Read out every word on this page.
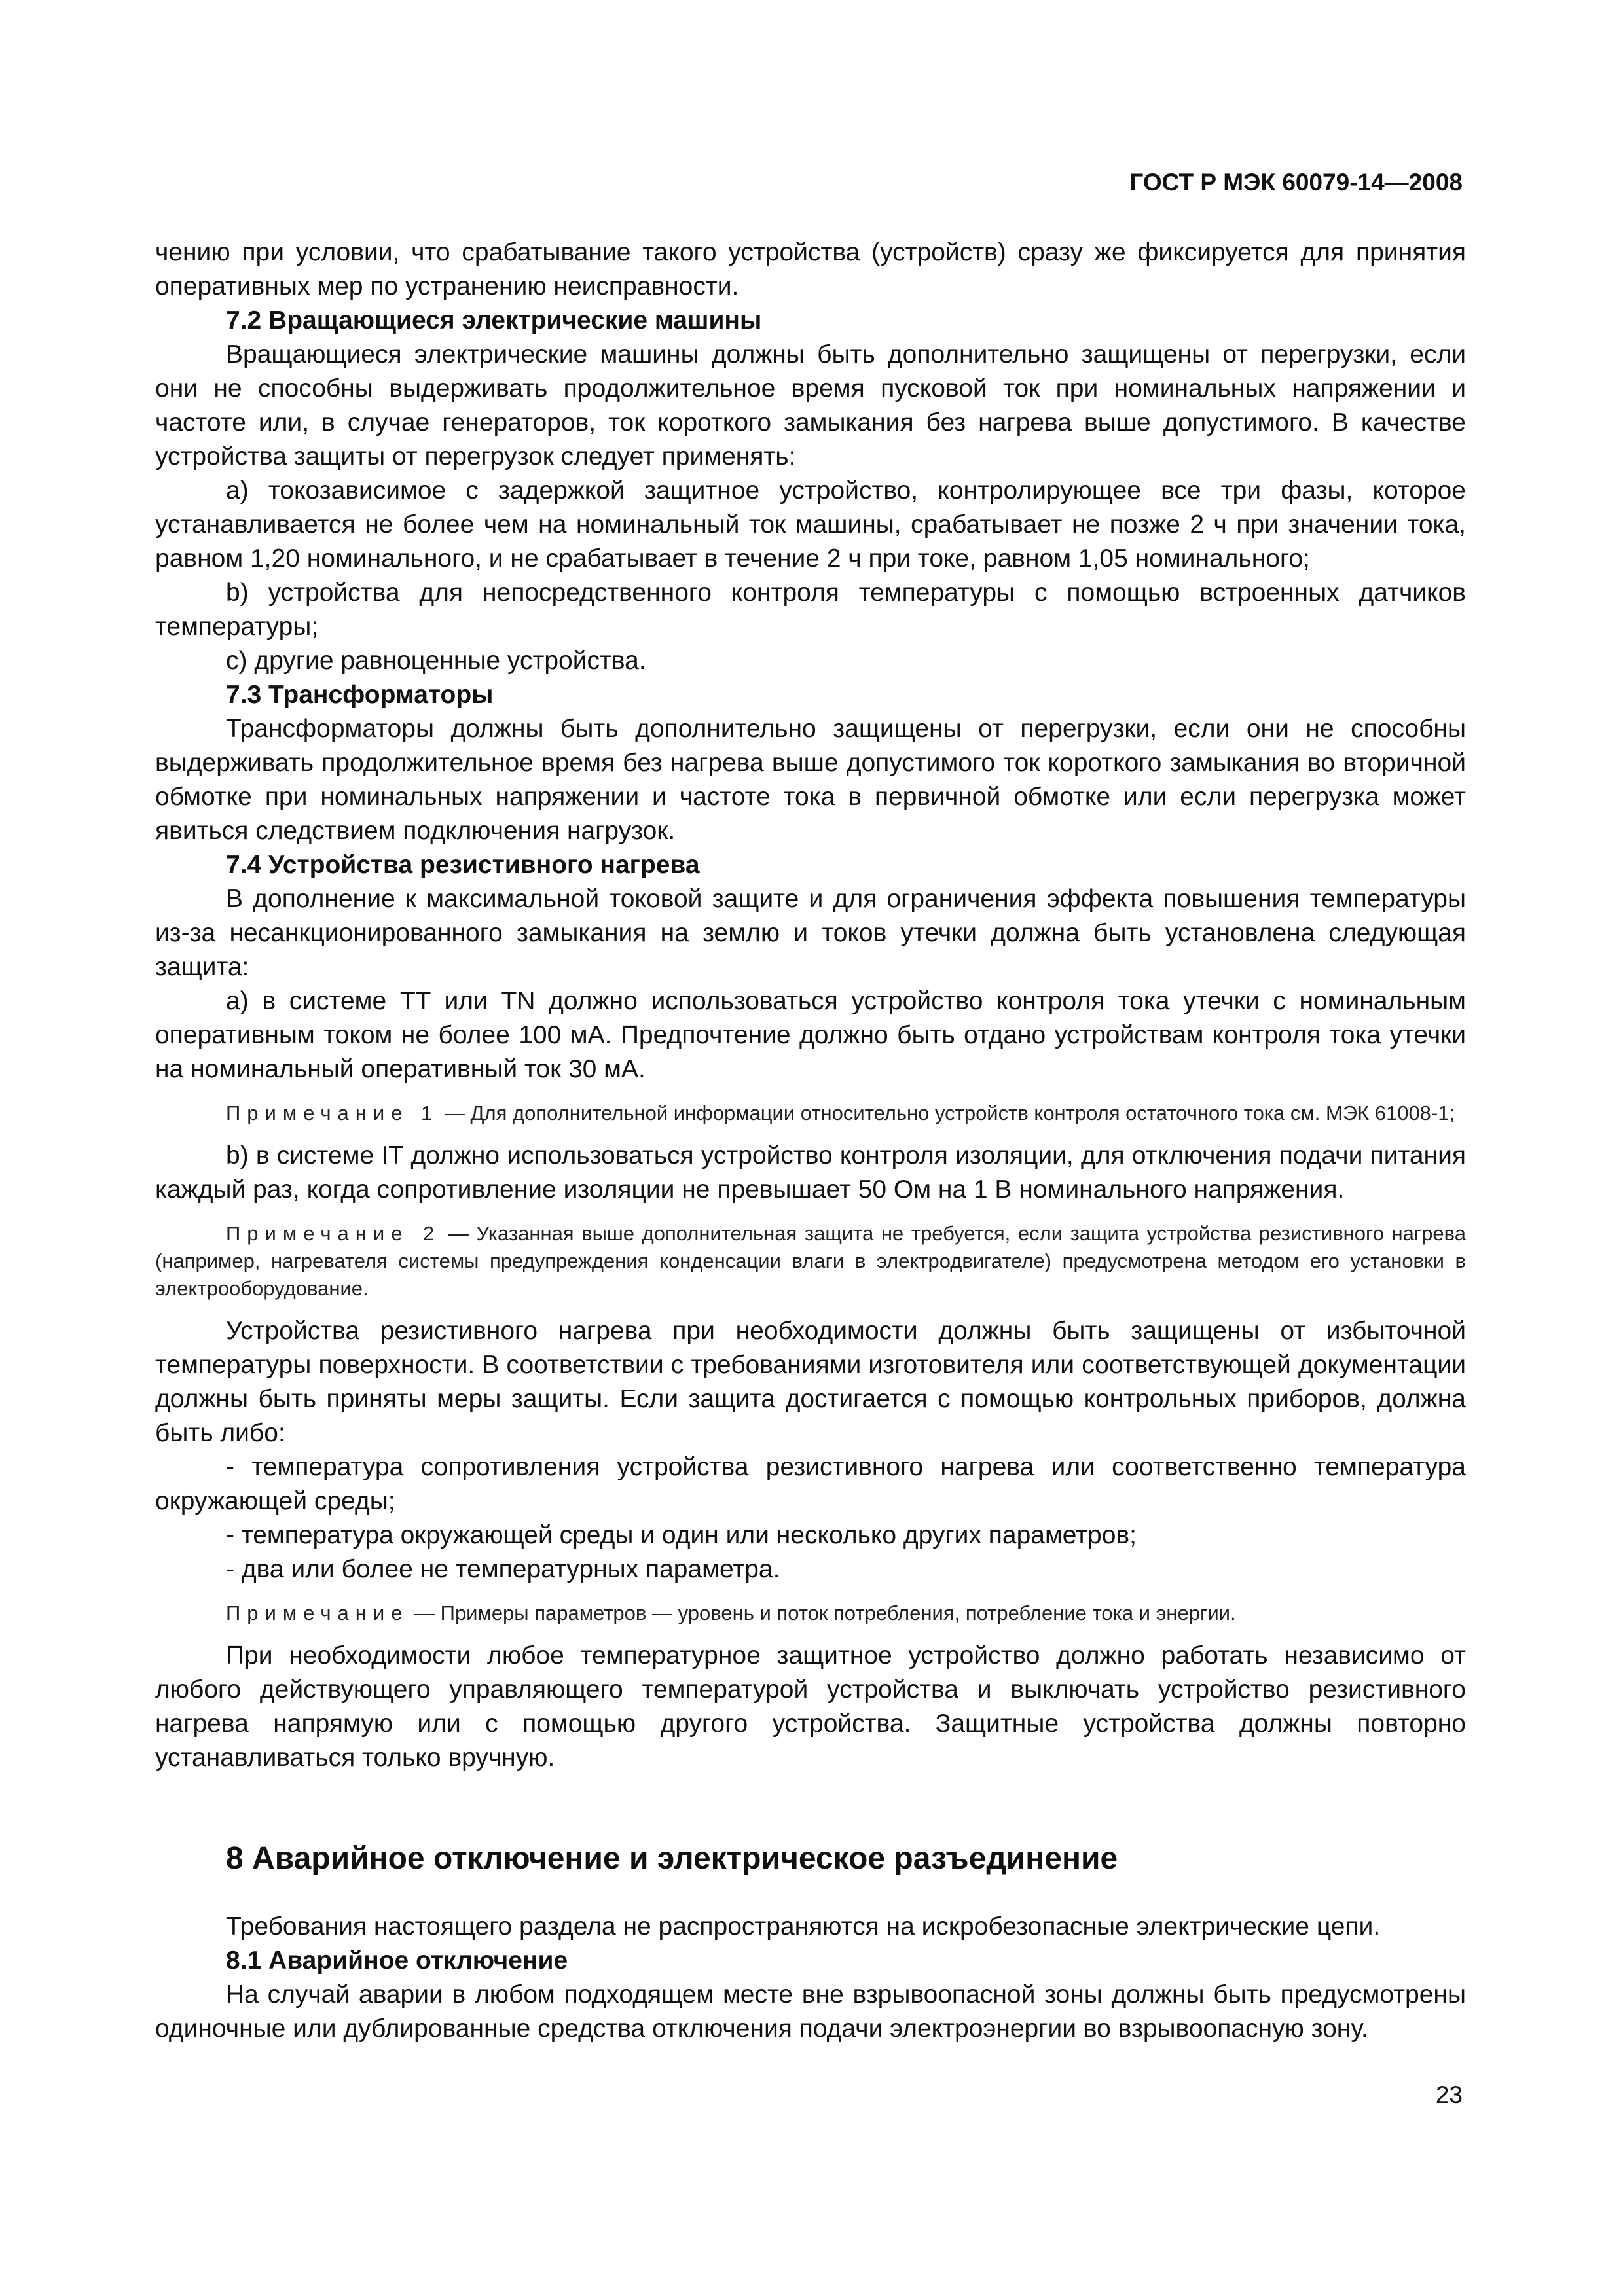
ГОСТ Р МЭК 60079-14—2008

чению при условии, что срабатывание такого устройства (устройств) сразу же фиксируется для принятия оперативных мер по устранению неисправности.

7.2 Вращающиеся электрические машины

Вращающиеся электрические машины должны быть дополнительно защищены от перегрузки, если они не способны выдерживать продолжительное время пусковой ток при номинальных напряжении и частоте или, в случае генераторов, ток короткого замыкания без нагрева выше допустимого. В качестве устройства защиты от перегрузок следует применять:

a) токозависимое с задержкой защитное устройство, контролирующее все три фазы, которое устанавливается не более чем на номинальный ток машины, срабатывает не позже 2 ч при значении тока, равном 1,20 номинального, и не срабатывает в течение 2 ч при токе, равном 1,05 номинального;

b) устройства для непосредственного контроля температуры с помощью встроенных датчиков температуры;

c) другие равноценные устройства.

7.3 Трансформаторы

Трансформаторы должны быть дополнительно защищены от перегрузки, если они не способны выдерживать продолжительное время без нагрева выше допустимого ток короткого замыкания во вторичной обмотке при номинальных напряжении и частоте тока в первичной обмотке или если перегрузка может явиться следствием подключения нагрузок.

7.4 Устройства резистивного нагрева

В дополнение к максимальной токовой защите и для ограничения эффекта повышения температуры из-за несанкционированного замыкания на землю и токов утечки должна быть установлена следующая защита:

a) в системе TT или TN должно использоваться устройство контроля тока утечки с номинальным оперативным током не более 100 мА. Предпочтение должно быть отдано устройствам контроля тока утечки на номинальный оперативный ток 30 мА.

Примечание 1 — Для дополнительной информации относительно устройств контроля остаточного тока см. МЭК 61008-1;

b) в системе IT должно использоваться устройство контроля изоляции, для отключения подачи питания каждый раз, когда сопротивление изоляции не превышает 50 Ом на 1 В номинального напряжения.

Примечание 2 — Указанная выше дополнительная защита не требуется, если защита устройства резистивного нагрева (например, нагревателя системы предупреждения конденсации влаги в электродвигателе) предусмотрена методом его установки в электрооборудование.

Устройства резистивного нагрева при необходимости должны быть защищены от избыточной температуры поверхности. В соответствии с требованиями изготовителя или соответствующей документации должны быть приняты меры защиты. Если защита достигается с помощью контрольных приборов, должна быть либо:

- температура сопротивления устройства резистивного нагрева или соответственно температура окружающей среды;

- температура окружающей среды и один или несколько других параметров;

- два или более не температурных параметра.

Примечание — Примеры параметров — уровень и поток потребления, потребление тока и энергии.

При необходимости любое температурное защитное устройство должно работать независимо от любого действующего управляющего температурой устройства и выключать устройство резистивного нагрева напрямую или с помощью другого устройства. Защитные устройства должны повторно устанавливаться только вручную.

8 Аварийное отключение и электрическое разъединение

Требования настоящего раздела не распространяются на искробезопасные электрические цепи.

8.1 Аварийное отключение

На случай аварии в любом подходящем месте вне взрывоопасной зоны должны быть предусмотрены одиночные или дублированные средства отключения подачи электроэнергии во взрывоопасную зону.

23
